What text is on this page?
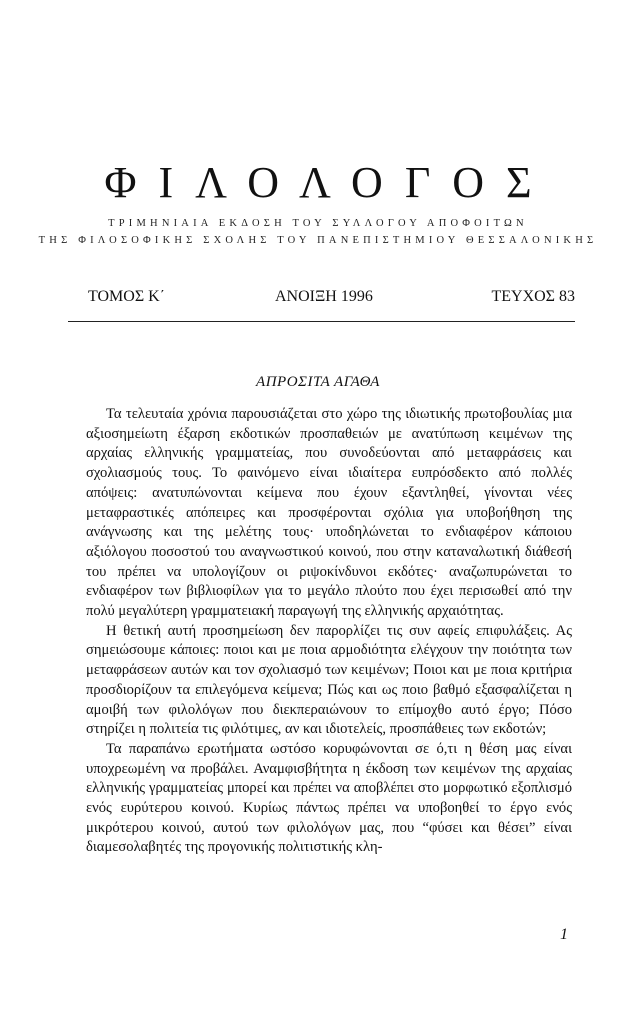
ΦΙΛΟΛΟΓΟΣ
ΤΡΙΜΗΝΙΑΙΑ ΕΚΔΟΣΗ ΤΟΥ ΣΥΛΛΟΓΟΥ ΑΠΟΦΟΙΤΩΝ
ΤΗΣ ΦΙΛΟΣΟΦΙΚΗΣ ΣΧΟΛΗΣ ΤΟΥ ΠΑΝΕΠΙΣΤΗΜΙΟΥ ΘΕΣΣΑΛΟΝΙΚΗΣ
ΤΟΜΟΣ Κ΄	ΑΝΟΙΞΗ 1996	ΤΕΥΧΟΣ 83
ΑΠΡΟΣΙΤΑ ΑΓΑΘΑ

Τα τελευταία χρόνια παρουσιάζεται στο χώρο της ιδιωτικής πρωτοβουλίας μια αξιοσημείωτη έξαρση εκδοτικών προσπαθειών με ανατύπωση κειμένων της αρχαίας ελληνικής γραμματείας, που συνοδεύονται από μεταφράσεις και σχολιασμούς τους. Το φαινόμενο είναι ιδιαίτερα ευπρόσδεκτο από πολλές απόψεις: ανατυπώνονται κείμενα που έχουν εξαντληθεί, γίνονται νέες μεταφραστικές απόπειρες και προσφέρονται σχόλια για υποβοήθηση της ανάγνωσης και της μελέτης τους· υποδηλώνεται το ενδιαφέρον κάποιου αξιόλογου ποσοστού του αναγνωστικού κοινού, που στην καταναλωτική διάθεσή του πρέπει να υπολογίζουν οι ριψοκίνδυνοι εκδότες· αναζωπυρώνεται το ενδιαφέρον των βιβλιοφίλων για το μεγάλο πλούτο που έχει περισωθεί από την πολύ μεγαλύτερη γραμματειακή παραγωγή της ελληνικής αρχαιότητας.

Η θετική αυτή προσημείωση δεν παρορλίζει τις συν αφείς επιφυλάξεις. Ας σημειώσουμε κάποιες: ποιοι και με ποια αρμοδιότητα ελέγχουν την ποιότητα των μεταφράσεων αυτών και τον σχολιασμό των κειμένων; Ποιοι και με ποια κριτήρια προσδιορίζουν τα επιλεγόμενα κείμενα; Πώς και ως ποιο βαθμό εξασφαλίζεται η αμοιβή των φιλολόγων που διεκπεραιώνουν το επίμοχθο αυτό έργο; Πόσο στηρίζει η πολιτεία τις φιλότιμες, αν και ιδιοτελείς, προσπάθειες των εκδοτών;

Τα παραπάνω ερωτήματα ωστόσο κορυφώνονται σε ό,τι η θέση μας είναι υποχρεωμένη να προβάλει. Αναμφισβήτητα η έκδοση των κειμένων της αρχαίας ελληνικής γραμματείας μπορεί και πρέπει να αποβλέπει στο μορφωτικό εξοπλισμό ενός ευρύτερου κοινού. Κυρίως πάντως πρέπει να υποβοηθεί το έργο ενός μικρότερου κοινού, αυτού των φιλολόγων μας, που “φύσει και θέσει” είναι διαμεσολαβητές της προγονικής πολιτιστικής κλη-

1
